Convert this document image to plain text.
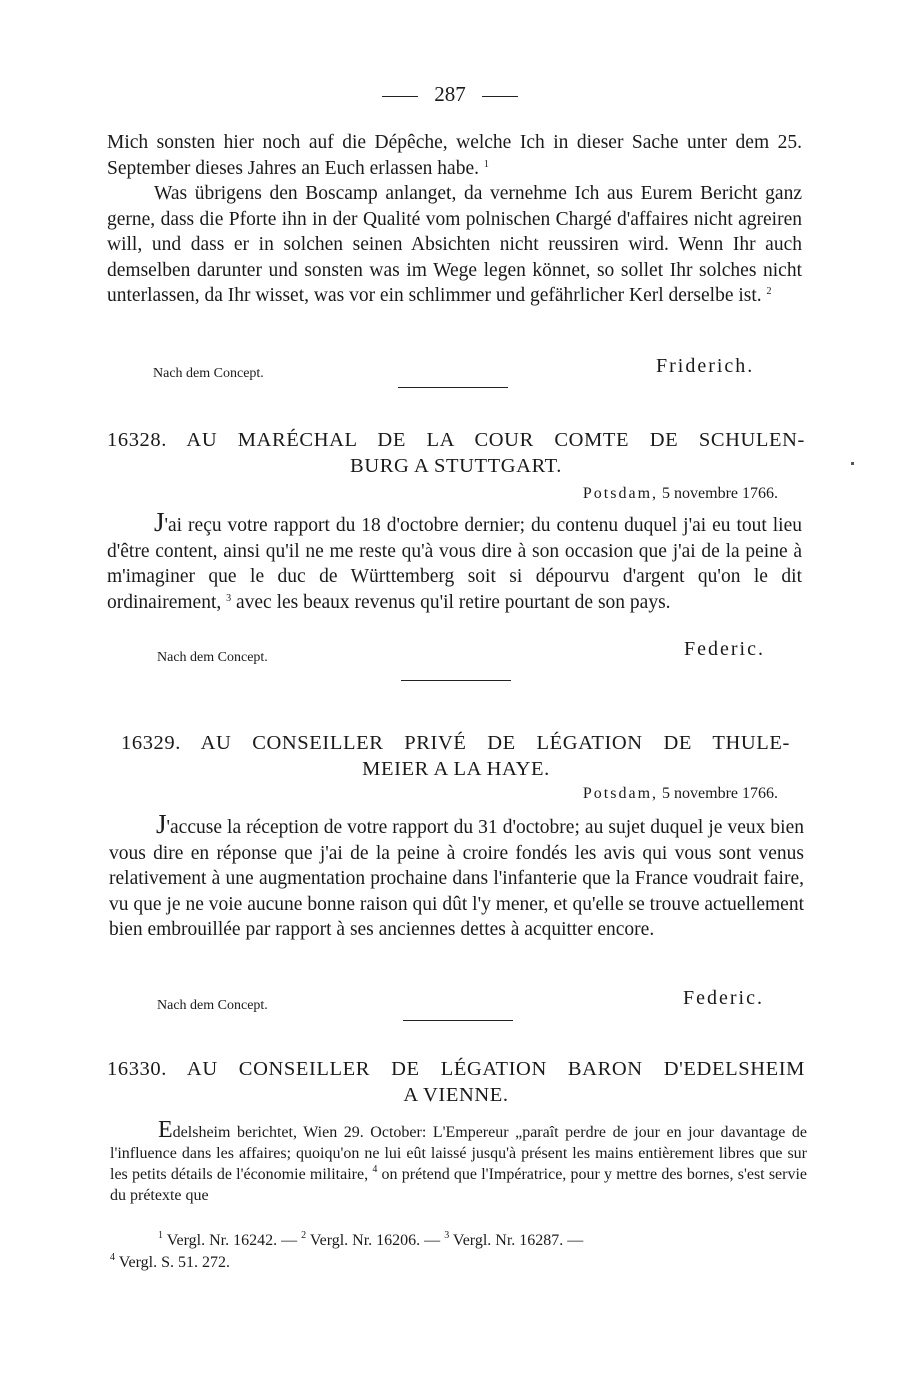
287
Mich sonsten hier noch auf die Dépêche, welche Ich in dieser Sache unter dem 25. September dieses Jahres an Euch erlassen habe. $^1$
Was übrigens den Boscamp anlanget, da vernehme Ich aus Eurem Bericht ganz gerne, dass die Pforte ihn in der Qualité vom polnischen Chargé d'affaires nicht agreiren will, und dass er in solchen seinen Absichten nicht reussiren wird. Wenn Ihr auch demselben darunter und sonsten was im Wege legen könnet, so sollet Ihr solches nicht unterlassen, da Ihr wisset, was vor ein schlimmer und gefährlicher Kerl derselbe ist. $^2$
Nach dem Concept.	Friderich.
16328. AU MARÉCHAL DE LA COUR COMTE DE SCHULEN-
BURG A STUTTGART.
Potsdam, 5 novembre 1766.
J'ai reçu votre rapport du 18 d'octobre dernier; du contenu duquel j'ai eu tout lieu d'être content, ainsi qu'il ne me reste qu'à vous dire à son occasion que j'ai de la peine à m'imaginer que le duc de Württemberg soit si dépourvu d'argent qu'on le dit ordinairement, $^3$ avec les beaux revenus qu'il retire pourtant de son pays.
Nach dem Concept.	Federic.
16329. AU CONSEILLER PRIVÉ DE LÉGATION DE THULE-
MEIER A LA HAYE.
Potsdam, 5 novembre 1766.
J'accuse la réception de votre rapport du 31 d'octobre; au sujet duquel je veux bien vous dire en réponse que j'ai de la peine à croire fondés les avis qui vous sont venus relativement à une augmentation prochaine dans l'infanterie que la France voudrait faire, vu que je ne voie aucune bonne raison qui dût l'y mener, et qu'elle se trouve actuellement bien embrouillée par rapport à ses anciennes dettes à acquitter encore.
Nach dem Concept.	Federic.
16330. AU CONSEILLER DE LÉGATION BARON D'EDELSHEIM
A VIENNE.
Edelsheim berichtet, Wien 29. October: L'Empereur „paraît perdre de jour en jour davantage de l'influence dans les affaires; quoiqu'on ne lui eût laissé jusqu'à présent les mains entièrement libres que sur les petits détails de l'économie militaire, $^4$ on prétend que l'Impératrice, pour y mettre des bornes, s'est servie du prétexte que
$^1$ Vergl. Nr. 16242. — $^2$ Vergl. Nr. 16206. — $^3$ Vergl. Nr. 16287. —
$^4$ Vergl. S. 51. 272.
